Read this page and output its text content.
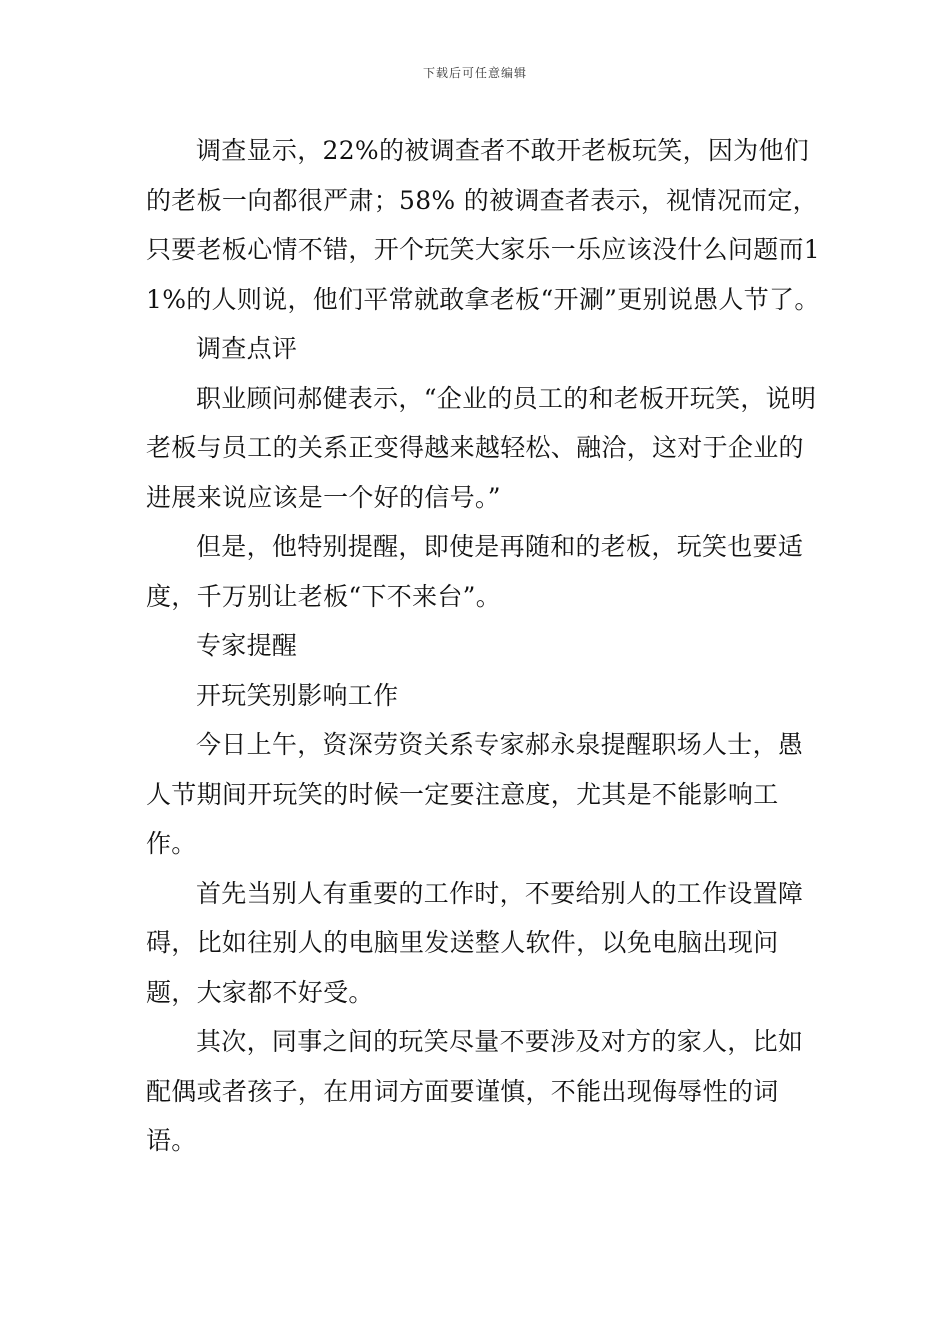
下载后可任意编辑

调查显示，22%的被调查者不敢开老板玩笑，因为他们的老板一向都很严肃；58% 的被调查者表示，视情况而定，只要老板心情不错，开个玩笑大家乐一乐应该没什么问题而11%的人则说，他们平常就敢拿老板“开涮”更别说愚人节了。

调查点评

职业顾问郝健表示，“企业的员工的和老板开玩笑，说明老板与员工的关系正变得越来越轻松、融洽，这对于企业的进展来说应该是一个好的信号。”

但是，他特别提醒，即使是再随和的老板，玩笑也要适度，千万别让老板“下不来台”。

专家提醒

开玩笑别影响工作

今日上午，资深劳资关系专家郝永泉提醒职场人士，愚人节期间开玩笑的时候一定要注意度，尤其是不能影响工作。

首先当别人有重要的工作时，不要给别人的工作设置障碍，比如往别人的电脑里发送整人软件，以免电脑出现问题，大家都不好受。

其次，同事之间的玩笑尽量不要涉及对方的家人，比如配偶或者孩子，在用词方面要谨慎，不能出现侮辱性的词语。
